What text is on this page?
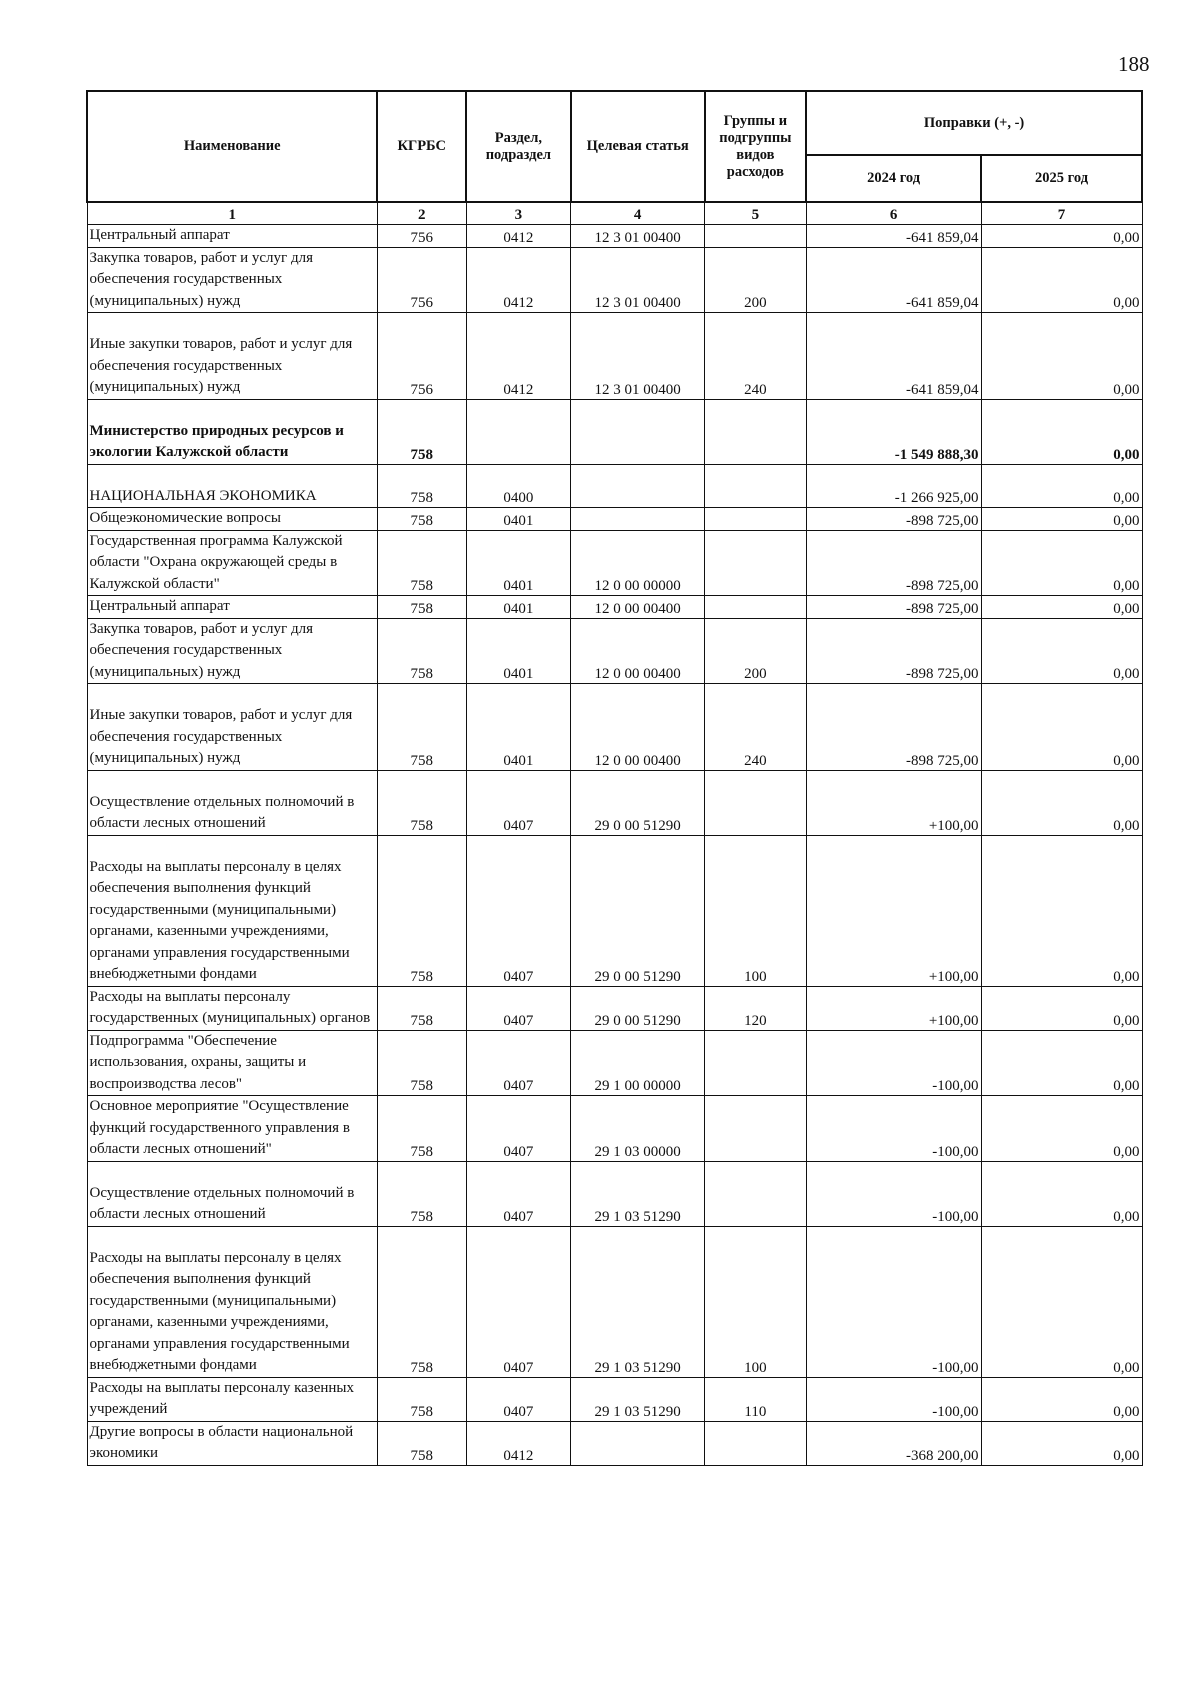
188
Наименование	КГРБС	Раздел, подраздел	Целевая статья	Группы и подгруппы видов расходов	Поправки (+, -)	
					2024 год	2025 год
1	2	3	4	5	6	7
Центральный аппарат	756	0412	12 3 01 00400		-641 859,04	0,00
Закупка товаров, работ и услуг для обеспечения государственных (муниципальных) нужд	756	0412	12 3 01 00400	200	-641 859,04	0,00
Иные закупки товаров, работ и услуг для обеспечения государственных (муниципальных) нужд	756	0412	12 3 01 00400	240	-641 859,04	0,00
Министерство природных ресурсов и экологии Калужской области	758				-1 549 888,30	0,00
НАЦИОНАЛЬНАЯ ЭКОНОМИКА	758	0400			-1 266 925,00	0,00
Общеэкономические вопросы	758	0401			-898 725,00	0,00
Государственная программа Калужской области "Охрана окружающей среды в Калужской области"	758	0401	12 0 00 00000		-898 725,00	0,00
Центральный аппарат	758	0401	12 0 00 00400		-898 725,00	0,00
Закупка товаров, работ и услуг для обеспечения государственных (муниципальных) нужд	758	0401	12 0 00 00400	200	-898 725,00	0,00
Иные закупки товаров, работ и услуг для обеспечения государственных (муниципальных) нужд	758	0401	12 0 00 00400	240	-898 725,00	0,00
Осуществление отдельных полномочий в области лесных отношений	758	0407	29 0 00 51290		+100,00	0,00
Расходы на выплаты персоналу в целях обеспечения выполнения функций государственными (муниципальными) органами, казенными учреждениями, органами управления государственными внебюджетными фондами	758	0407	29 0 00 51290	100	+100,00	0,00
Расходы на выплаты персоналу государственных (муниципальных) органов	758	0407	29 0 00 51290	120	+100,00	0,00
Подпрограмма "Обеспечение использования, охраны, защиты и воспроизводства лесов"	758	0407	29 1 00 00000		-100,00	0,00
Основное мероприятие "Осуществление функций государственного управления в области лесных отношений"	758	0407	29 1 03 00000		-100,00	0,00
Осуществление отдельных полномочий в области лесных отношений	758	0407	29 1 03 51290		-100,00	0,00
Расходы на выплаты персоналу в целях обеспечения выполнения функций государственными (муниципальными) органами, казенными учреждениями, органами управления государственными внебюджетными фондами	758	0407	29 1 03 51290	100	-100,00	0,00
Расходы на выплаты персоналу казенных учреждений	758	0407	29 1 03 51290	110	-100,00	0,00
Другие вопросы в области национальной экономики	758	0412			-368 200,00	0,00
